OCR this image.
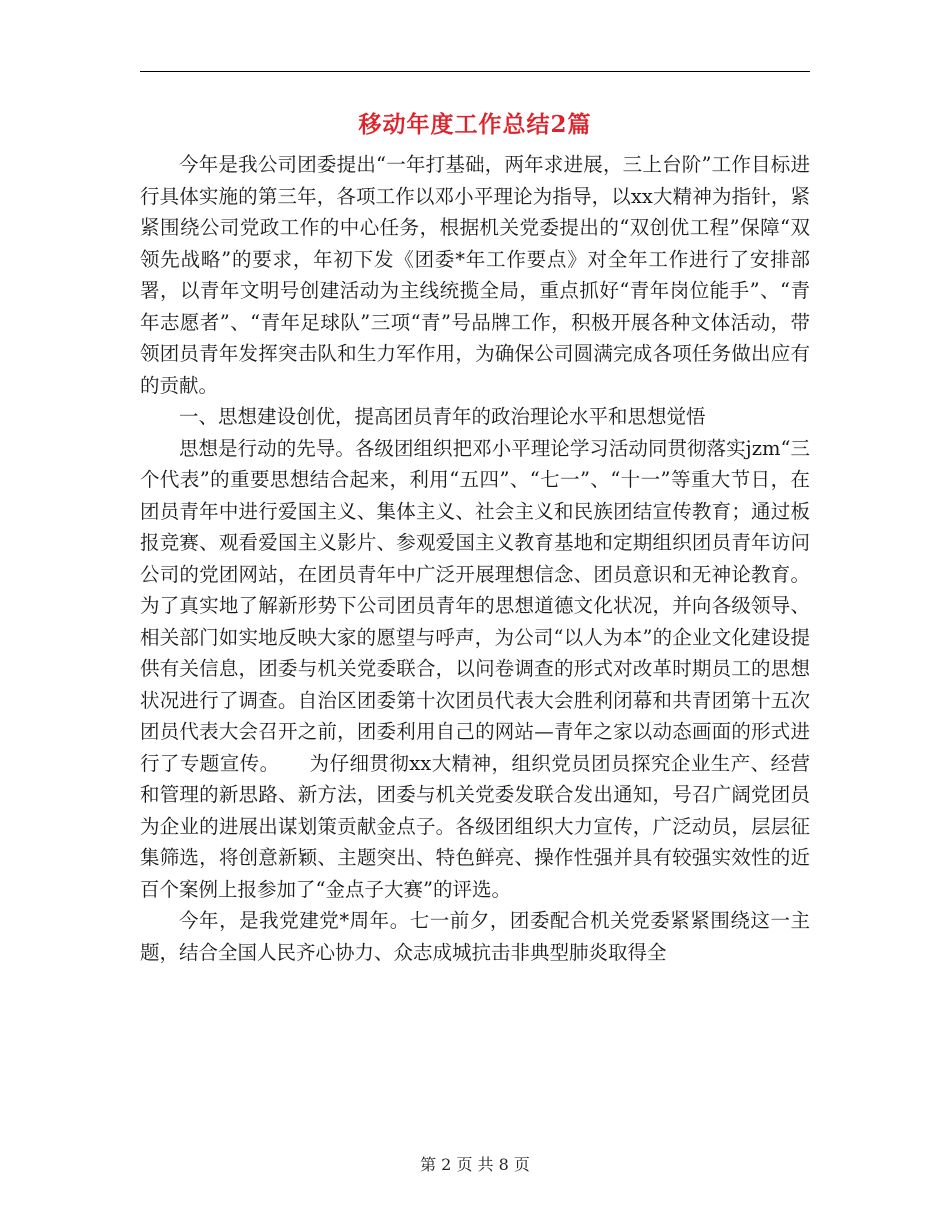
移动年度工作总结2篇

今年是我公司团委提出“一年打基础，两年求进展，三上台阶”工作目标进行具体实施的第三年，各项工作以邓小平理论为指导，以xx大精神为指针，紧紧围绕公司党政工作的中心任务，根据机关党委提出的“双创优工程”保障“双领先战略”的要求，年初下发《团委*年工作要点》对全年工作进行了安排部署，以青年文明号创建活动为主线统揽全局，重点抓好“青年岗位能手”、“青年志愿者”、“青年足球队”三项“青”号品牌工作，积极开展各种文体活动，带领团员青年发挥突击队和生力军作用，为确保公司圆满完成各项任务做出应有的贡献。

一、思想建设创优，提高团员青年的政治理论水平和思想觉悟

思想是行动的先导。各级团组织把邓小平理论学习活动同贯彻落实jzm“三个代表”的重要思想结合起来，利用“五四”、“七一”、“十一”等重大节日，在团员青年中进行爱国主义、集体主义、社会主义和民族团结宣传教育；通过板报竞赛、观看爱国主义影片、参观爱国主义教育基地和定期组织团员青年访问公司的党团网站，在团员青年中广泛开展理想信念、团员意识和无神论教育。为了真实地了解新形势下公司团员青年的思想道德文化状况，并向各级领导、相关部门如实地反映大家的愿望与呼声，为公司“以人为本”的企业文化建设提供有关信息，团委与机关党委联合，以问卷调查的形式对改革时期员工的思想状况进行了调查。自治区团委第十次团员代表大会胜利闭幕和共青团第十五次团员代表大会召开之前，团委利用自己的网站—青年之家以动态画面的形式进行了专题宣传。　　为仔细贯彻xx大精神，组织党员团员探究企业生产、经营和管理的新思路、新方法，团委与机关党委发联合发出通知，号召广阔党团员为企业的进展出谋划策贡献金点子。各级团组织大力宣传，广泛动员，层层征集筛选，将创意新颖、主题突出、特色鲜亮、操作性强并具有较强实效性的近百个案例上报参加了“金点子大赛”的评选。

今年，是我党建党*周年。七一前夕，团委配合机关党委紧紧围绕这一主题，结合全国人民齐心协力、众志成城抗击非典型肺炎取得全

第 2 页 共 8 页
